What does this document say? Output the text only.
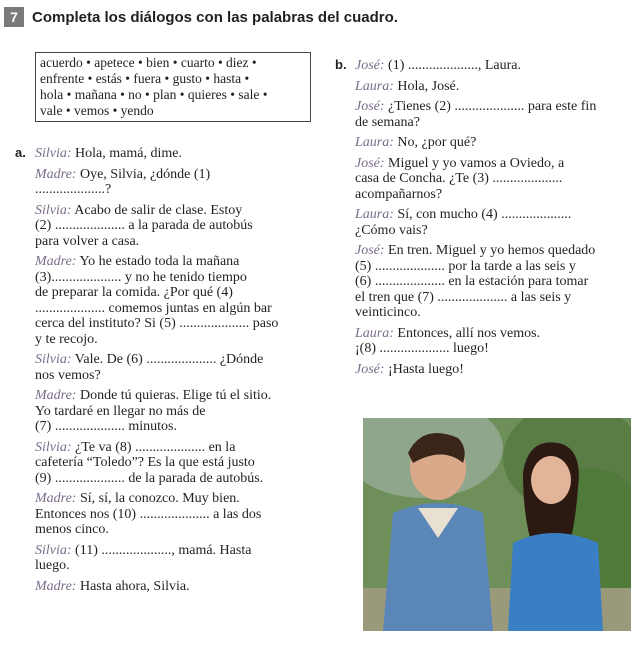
7 Completa los diálogos con las palabras del cuadro.
acuerdo • apetece • bien • cuarto • diez •
enfrente • estás • fuera • gusto • hasta •
hola • mañana • no • plan • quieres • sale •
vale • vemos • yendo
a. Silvia: Hola, mamá, dime.
Madre: Oye, Silvia, ¿dónde (1)
....................?
Silvia: Acabo de salir de clase. Estoy
(2) .................... a la parada de autobús
para volver a casa.
Madre: Yo he estado toda la mañana
(3).................... y no he tenido tiempo
de preparar la comida. ¿Por qué (4)
.................... comemos juntas en algún bar
cerca del instituto? Si (5) .................... paso
y te recojo.
Silvia: Vale. De (6) .................... ¿Dónde
nos vemos?
Madre: Donde tú quieras. Elige tú el sitio.
Yo tardaré en llegar no más de
(7) .................... minutos.
Silvia: ¿Te va (8) .................... en la
cafetería “Toledo”? Es la que está justo
(9) .................... de la parada de autobús.
Madre: Sí, sí, la conozco. Muy bien.
Entonces nos (10) .................... a las dos
menos cinco.
Silvia: (11) ...................., mamá. Hasta
luego.
Madre: Hasta ahora, Silvia.
b. José: (1) ...................., Laura.
Laura: Hola, José.
José: ¿Tienes (2) .................... para este fin
de semana?
Laura: No, ¿por qué?
José: Miguel y yo vamos a Oviedo, a
casa de Concha. ¿Te (3) ....................
acompañarnos?
Laura: Sí, con mucho (4) ....................
¿Cómo vais?
José: En tren. Miguel y yo hemos quedado
(5) .................... por la tarde a las seis y
(6) .................... en la estación para tomar
el tren que (7) .................... a las seis y
veinticinco.
Laura: Entonces, allí nos vemos.
¡(8) .................... luego!
José: ¡Hasta luego!
